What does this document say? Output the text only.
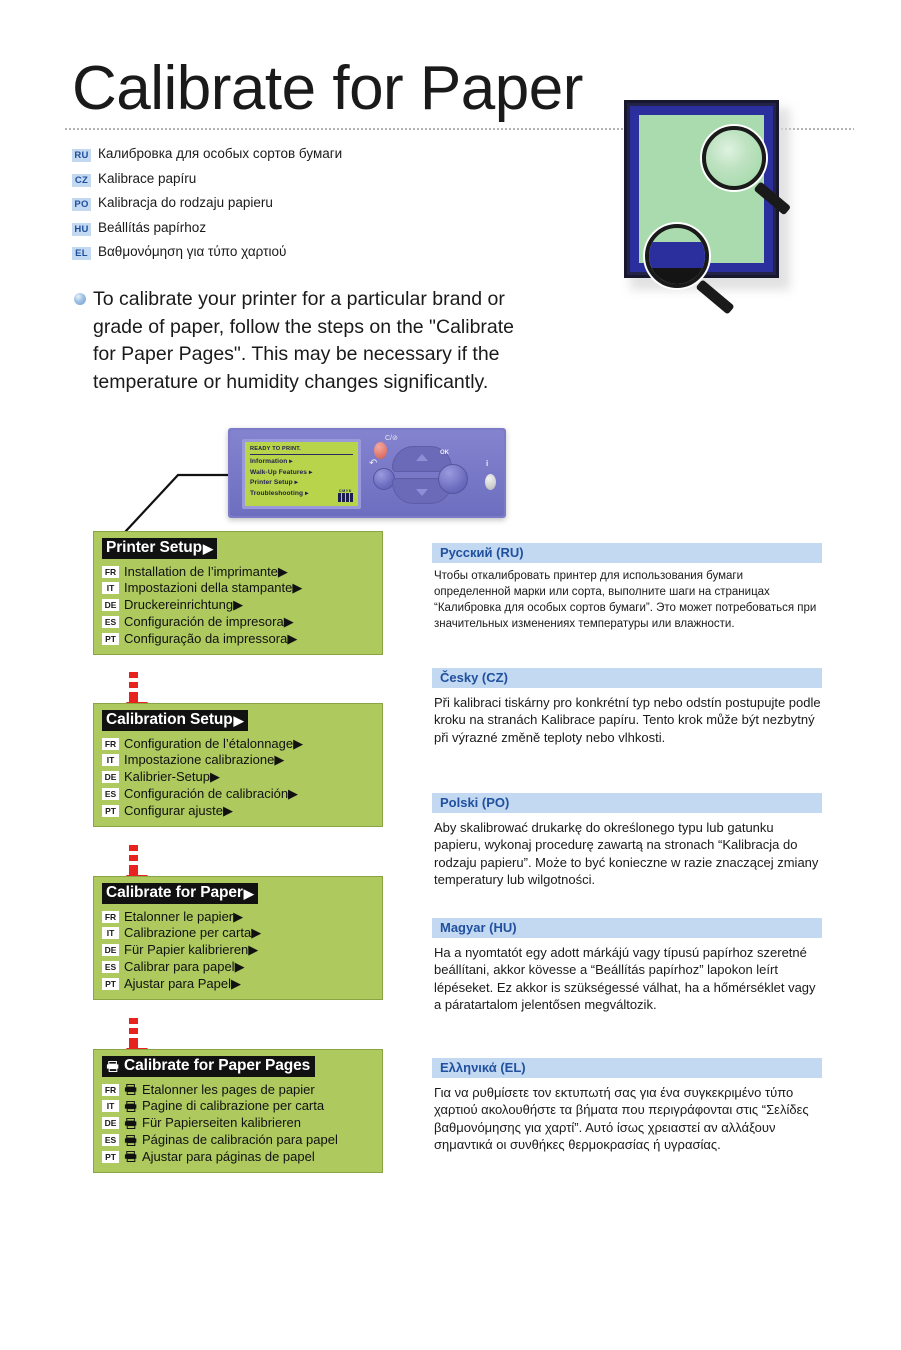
Calibrate for Paper
RU Калибровка для особых сортов бумаги
CZ Kalibrace papíru
PO Kalibracja do rodzaju papieru
HU Beállítás papírhoz
EL Βαθμονόμηση για τύπο χαρτιού
To calibrate your printer for a particular brand or grade of paper, follow the steps on the "Calibrate for Paper Pages". This may be necessary if the temperature or humidity changes significantly.
READY TO PRINT.
Information ▸
Walk-Up Features ▸
Printer Setup ▸
Troubleshooting ▸	CMYK
C/⊘
↶
OK
i
Printer Setup ▶
FR Installation de l’imprimante ▶
IT Impostazioni della stampante ▶
DE Druckereinrichtung ▶
ES Configuración de impresora ▶
PT Configuração da impressora ▶
Calibration Setup ▶
FR Configuration de l’étalonnage ▶
IT Impostazione calibrazione ▶
DE Kalibrier-Setup ▶
ES Configuración de calibración ▶
PT Configurar ajuste ▶
Calibrate for Paper ▶
FR Etalonner le papier ▶
IT Calibrazione per carta ▶
DE Für Papier kalibrieren ▶
ES Calibrar para papel ▶
PT Ajustar para Papel ▶
Calibrate for Paper Pages
FR Etalonner les pages de papier
IT	Pagine di calibrazione per carta
DE Für Papierseiten kalibrieren
ES Páginas de calibración para papel
PT Ajustar para páginas de papel
Русский (RU)
Чтобы откалибровать принтер для использования бумаги определенной марки или сорта, выполните шаги на страницах “Калибровка для особых сортов бумаги”. Это может потребоваться при значительных изменениях температуры или влажности.
Česky (CZ)
Při kalibraci tiskárny pro konkrétní typ nebo odstín postupujte podle kroku na stranách Kalibrace papíru. Tento krok může být nezbytný při výrazné změně teploty nebo vlhkosti.
Polski (PO)
Aby skalibrować drukarkę do określonego typu lub gatunku papieru, wykonaj procedurę zawartą na stronach “Kalibracja do rodzaju papieru”. Może to być konieczne w razie znaczącej zmiany temperatury lub wilgotności.
Magyar (HU)
Ha a nyomtatót egy adott márkájú vagy típusú papírhoz szeretné beállítani, akkor kövesse a “Beállítás papírhoz” lapokon leírt lépéseket. Ez akkor is szükségessé válhat, ha a hőmérséklet vagy a páratartalom jelentősen megváltozik.
Ελληνικά (EL)
Για να ρυθμίσετε τον εκτυπωτή σας για ένα συγκεκριμένο τύπο χαρτιού ακολουθήστε τα βήματα που περιγράφονται στις “Σελίδες βαθμονόμησης για χαρτί”. Αυτό ίσως χρειαστεί αν αλλάξουν σημαντικά οι συνθήκες θερμοκρασίας ή υγρασίας.
